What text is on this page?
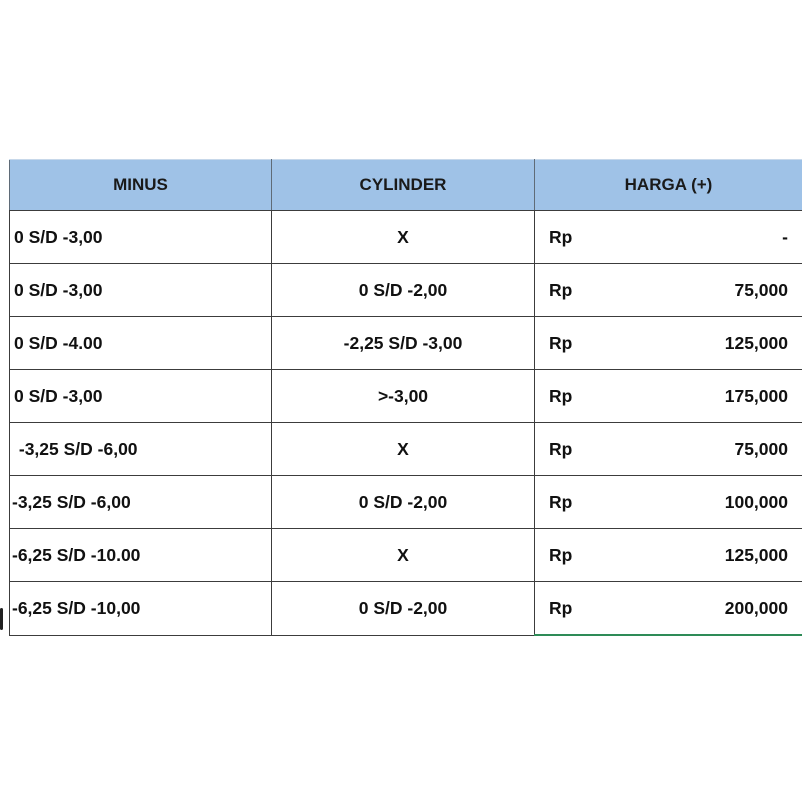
MINUS	CYLINDER	HARGA (+)	
0 S/D -3,00	X	Rp	-
0 S/D -3,00	0 S/D -2,00	Rp	75,000
0 S/D -4.00	-2,25 S/D -3,00	Rp	125,000
0 S/D -3,00	>-3,00	Rp	175,000
-3,25 S/D -6,00	X	Rp	75,000
-3,25 S/D -6,00	0 S/D -2,00	Rp	100,000
-6,25 S/D -10.00	X	Rp	125,000
-6,25 S/D -10,00	0 S/D -2,00	Rp	200,000
